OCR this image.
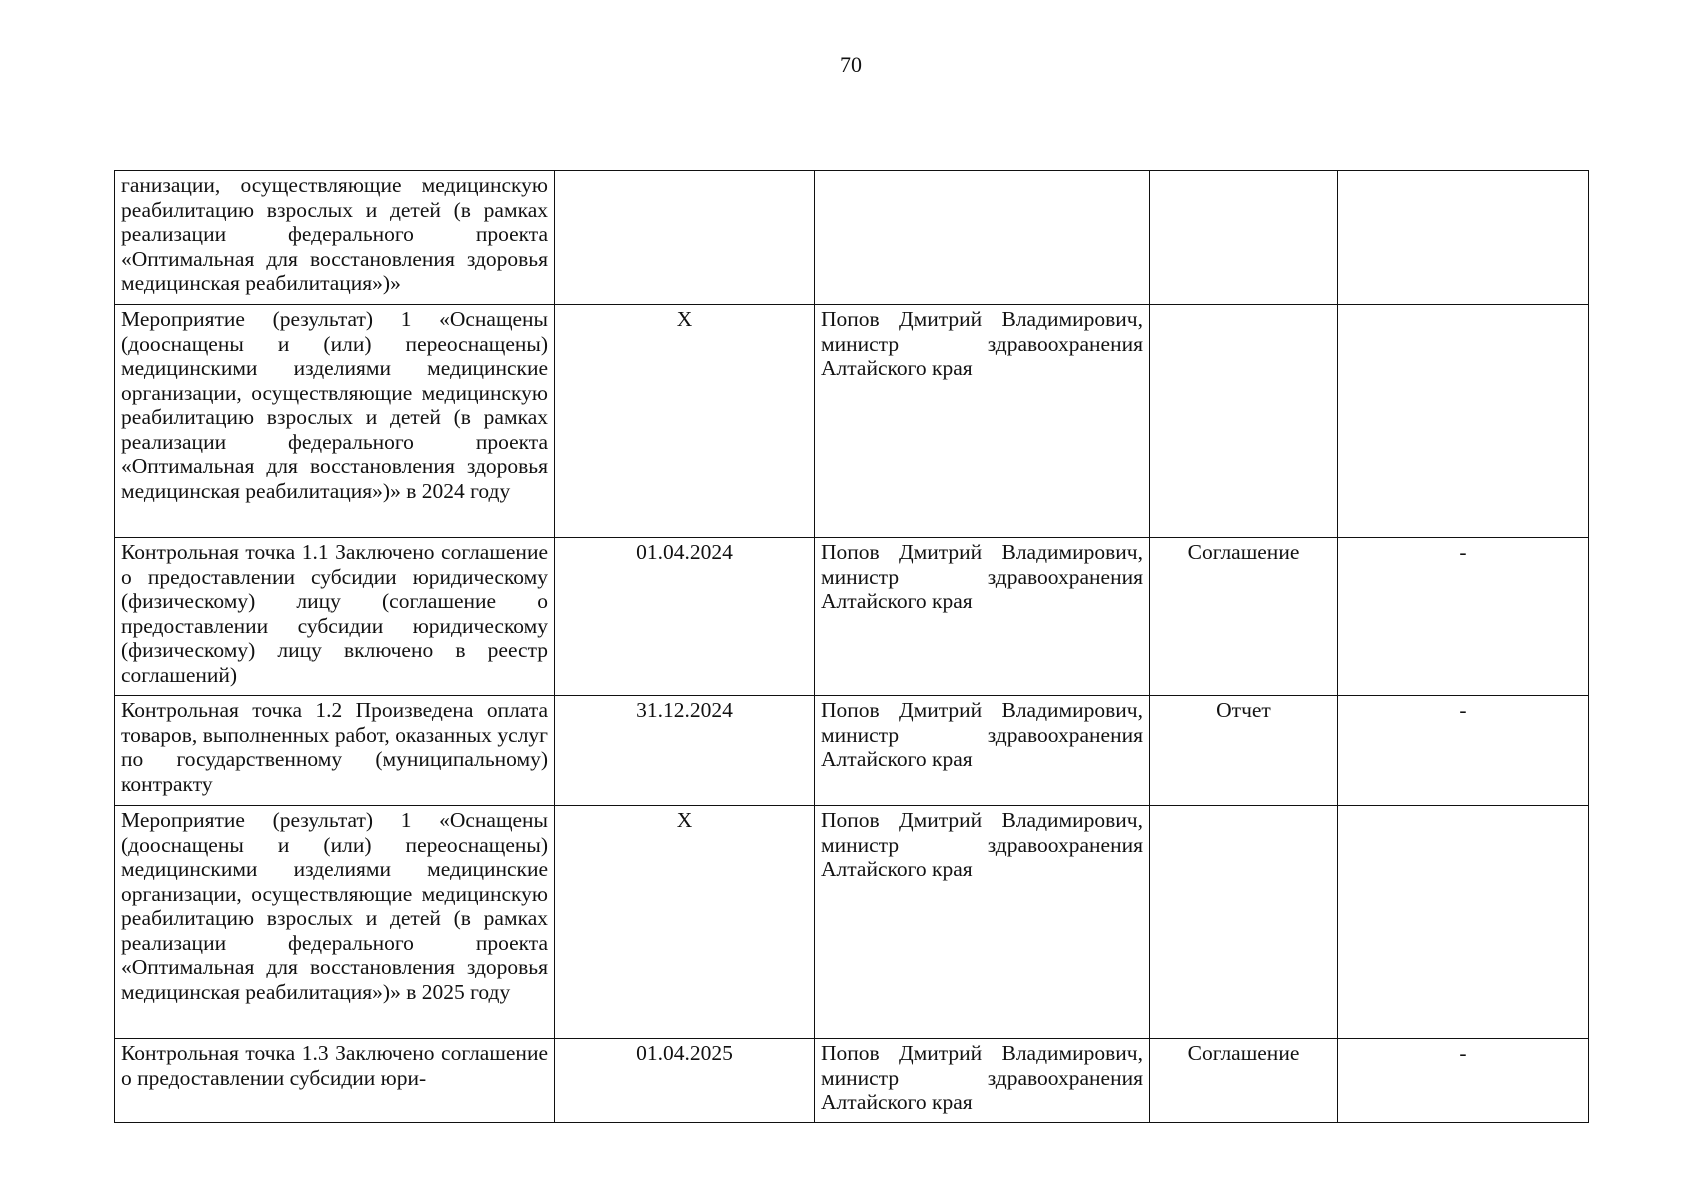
70
ганизации, осуществляющие медицинскую реабилитацию взрослых и детей (в рамках реализации федерального проекта «Оптимальная для восстановления здоровья медицинская реабилитация»)»				
Мероприятие (результат) 1 «Оснащены (дооснащены и (или) переоснащены) медицинскими изделиями медицинские организации, осуществляющие медицинскую реабилитацию взрослых и детей (в рамках реализации федерального проекта «Оптимальная для восстановления здоровья медицинская реабилитация»)» в 2024 году	X	Попов Дмитрий Владимирович, министр здравоохранения Алтайского края		
Контрольная точка 1.1 Заключено соглашение о предоставлении субсидии юридическому (физическому) лицу (соглашение о предоставлении субсидии юридическому (физическому) лицу включено в реестр соглашений)	01.04.2024	Попов Дмитрий Владимирович, министр здравоохранения Алтайского края	Соглашение	-
Контрольная точка 1.2 Произведена оплата товаров, выполненных работ, оказанных услуг по государственному (муниципальному) контракту	31.12.2024	Попов Дмитрий Владимирович, министр здравоохранения Алтайского края	Отчет	-
Мероприятие (результат) 1 «Оснащены (дооснащены и (или) переоснащены) медицинскими изделиями медицинские организации, осуществляющие медицинскую реабилитацию взрослых и детей (в рамках реализации федерального проекта «Оптимальная для восстановления здоровья медицинская реабилитация»)» в 2025 году	X	Попов Дмитрий Владимирович, министр здравоохранения Алтайского края		
Контрольная точка 1.3 Заключено соглашение о предоставлении субсидии юри-	01.04.2025	Попов Дмитрий Владимирович, министр здравоохранения Алтайского края	Соглашение	-
